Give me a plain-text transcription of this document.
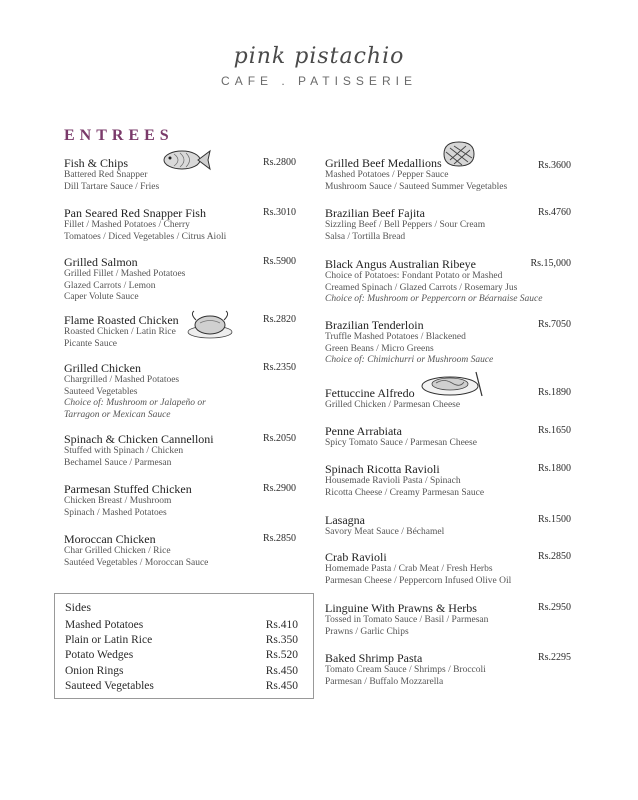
pink pistachio
CAFE . PATISSERIE
ENTREES
Fish & Chips	Rs.2800
Battered Red Snapper
Dill Tartare Sauce / Fries
Pan Seared Red Snapper Fish	Rs.3010
Fillet / Mashed Potatoes / Cherry
Tomatoes / Diced Vegetables / Citrus Aioli
Grilled Salmon	Rs.5900
Grilled Fillet / Mashed Potatoes
Glazed Carrots / Lemon
Caper Volute Sauce
Flame Roasted Chicken	Rs.2820
Roasted Chicken / Latin Rice
Picante Sauce
Grilled Chicken	Rs.2350
Chargrilled / Mashed Potatoes
Sauteed Vegetables
Choice of: Mushroom or Jalapeño or
Tarragon or Mexican Sauce
Spinach & Chicken Cannelloni	Rs.2050
Stuffed with Spinach / Chicken
Bechamel Sauce / Parmesan
Parmesan Stuffed Chicken	Rs.2900
Chicken Breast / Mushroom
Spinach / Mashed Potatoes
Moroccan Chicken	Rs.2850
Char Grilled Chicken / Rice
Sautéed Vegetables / Moroccan Sauce
Grilled Beef Medallions	Rs.3600
Mashed Potatoes / Pepper Sauce
Mushroom Sauce / Sauteed Summer Vegetables
Brazilian Beef Fajita	Rs.4760
Sizzling Beef / Bell Peppers / Sour Cream
Salsa / Tortilla Bread
Black Angus Australian Ribeye	Rs.15,000
Choice of Potatoes: Fondant Potato or Mashed
Creamed Spinach / Glazed Carrots / Rosemary Jus
Choice of: Mushroom or Peppercorn or Béarnaise Sauce
Brazilian Tenderloin	Rs.7050
Truffle Mashed Potatoes / Blackened
Green Beans / Micro Greens
Choice of: Chimichurri or Mushroom Sauce
Fettuccine Alfredo	Rs.1890
Grilled Chicken / Parmesan Cheese
Penne Arrabiata	Rs.1650
Spicy Tomato Sauce / Parmesan Cheese
Spinach Ricotta Ravioli	Rs.1800
Housemade Ravioli Pasta / Spinach
Ricotta Cheese / Creamy Parmesan Sauce
Lasagna	Rs.1500
Savory Meat Sauce / Béchamel
Crab Ravioli	Rs.2850
Homemade Pasta / Crab Meat / Fresh Herbs
Parmesan Cheese / Peppercorn Infused Olive Oil
Linguine With Prawns & Herbs	Rs.2950
Tossed in Tomato Sauce / Basil / Parmesan
Prawns / Garlic Chips
Baked Shrimp Pasta	Rs.2295
Tomato Cream Sauce / Shrimps / Broccoli
Parmesan / Buffalo Mozzarella
Sides
Mashed Potatoes	Rs.410
Plain or Latin Rice	Rs.350
Potato Wedges	Rs.520
Onion Rings	Rs.450
Sauteed Vegetables	Rs.450
